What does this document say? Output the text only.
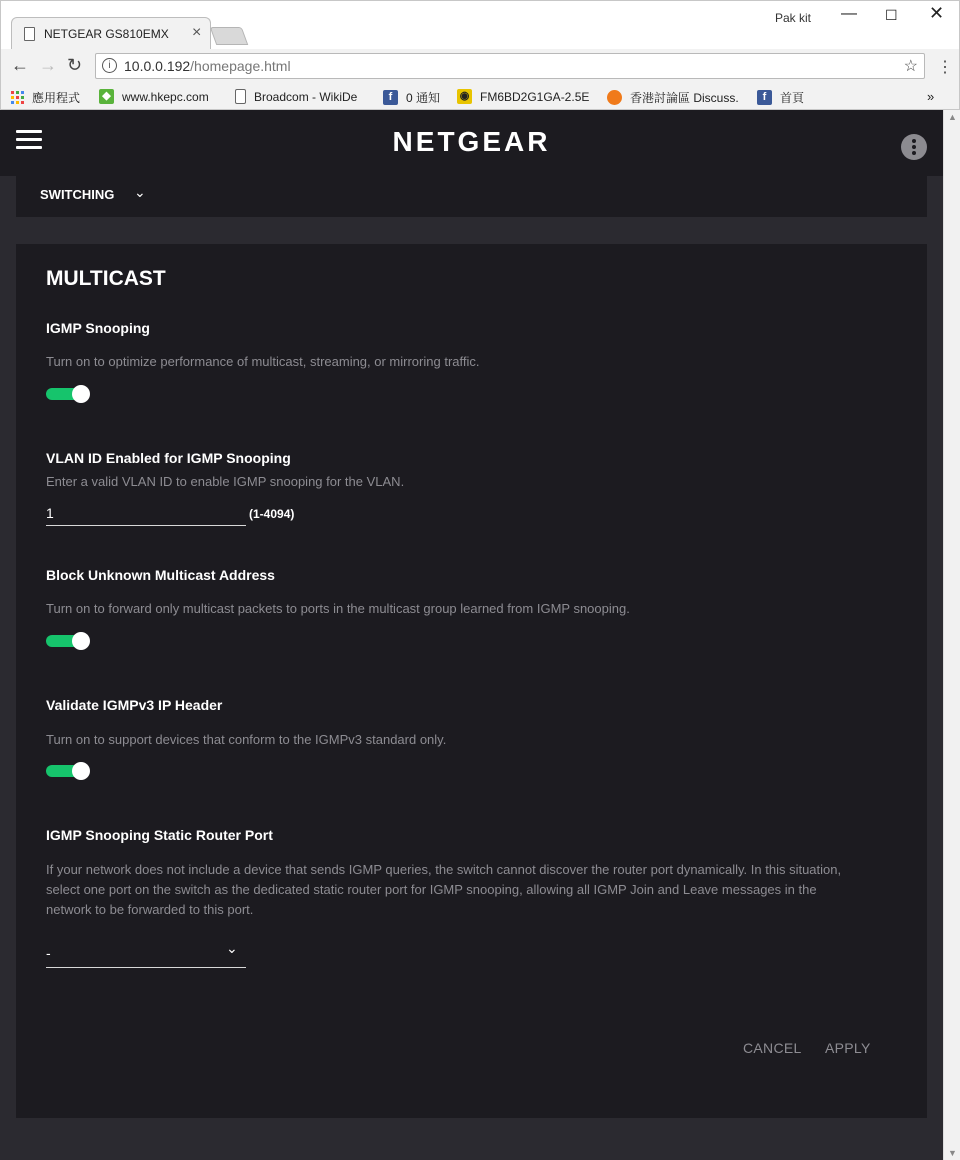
NETGEAR GS810EMX ×
Pak kit — ☐ ✕
← → ↻	i 10.0.0.192/homepage.html	☆ ⋮
應用程式 ◆ www.hkepc.com	Broadcom - WikiDe	f	0 通知 ◉ FM6BD2G1GA-2.5E	香港討論區 Discuss.	f	首頁	»
NETGEAR
SWITCHING ⌄
MULTICAST
IGMP Snooping
Turn on to optimize performance of multicast, streaming, or mirroring traffic.
VLAN ID Enabled for IGMP Snooping
Enter a valid VLAN ID to enable IGMP snooping for the VLAN.
1	(1-4094)
Block Unknown Multicast Address
Turn on to forward only multicast packets to ports in the multicast group learned from IGMP snooping.
Validate IGMPv3 IP Header
Turn on to support devices that conform to the IGMPv3 standard only.
IGMP Snooping Static Router Port
If your network does not include a device that sends IGMP queries, the switch cannot discover the router port dynamically. In this situation,
select one port on the switch as the dedicated static router port for IGMP snooping, allowing all IGMP Join and Leave messages in the
network to be forwarded to this port.
-	⌄
CANCEL APPLY
▲
▼
